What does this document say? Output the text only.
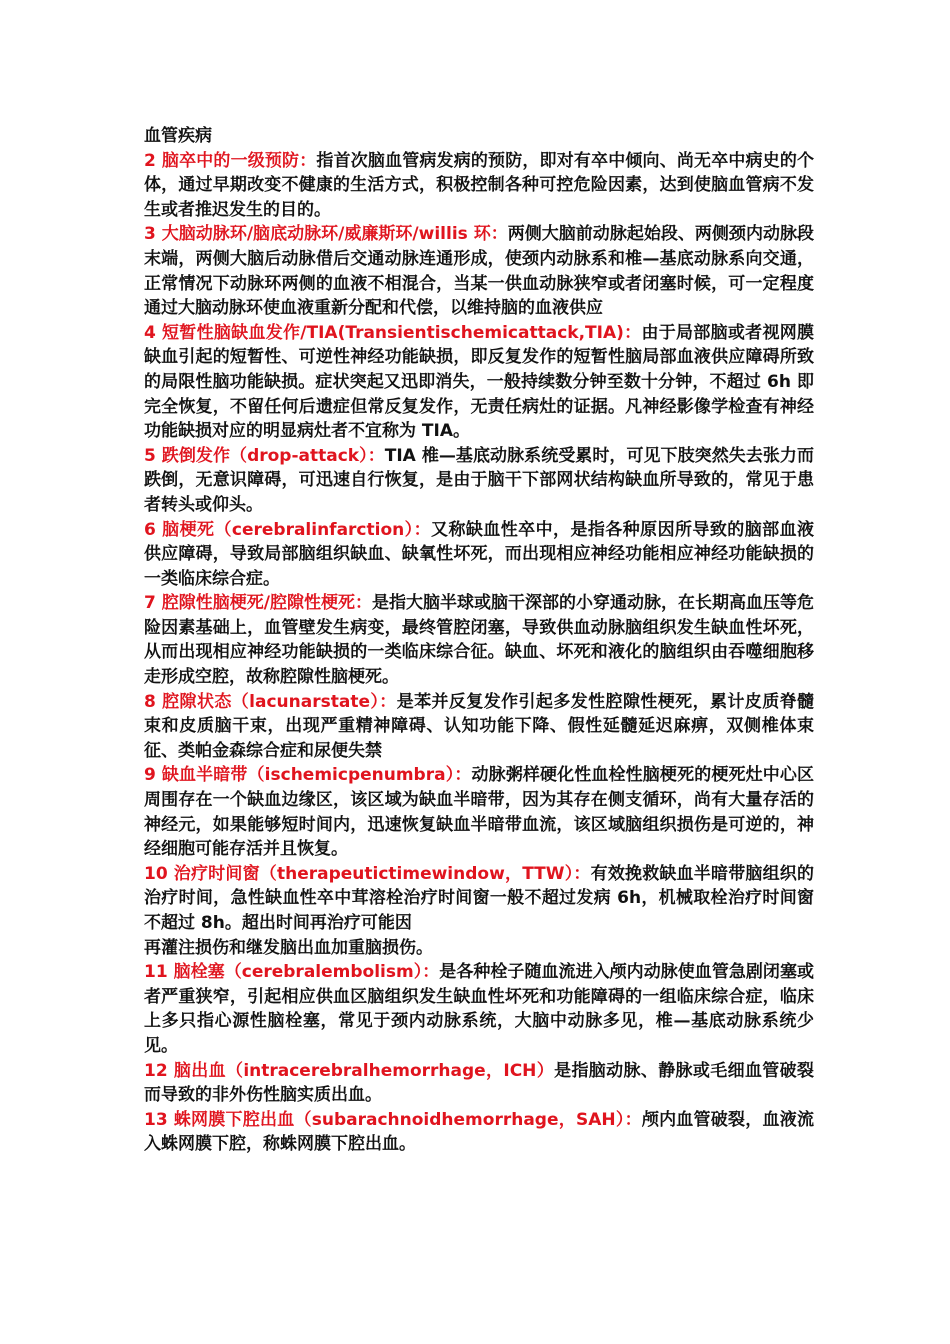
血管疾病

2 脑卒中的一级预防：指首次脑血管病发病的预防，即对有卒中倾向、尚无卒中病史的个体，通过早期改变不健康的生活方式，积极控制各种可控危险因素，达到使脑血管病不发生或者推迟发生的目的。

3 大脑动脉环/脑底动脉环/威廉斯环/willis 环：两侧大脑前动脉起始段、两侧颈内动脉段末端，两侧大脑后动脉借后交通动脉连通形成，使颈内动脉系和椎—基底动脉系向交通，正常情况下动脉环两侧的血液不相混合，当某一供血动脉狭窄或者闭塞时候，可一定程度通过大脑动脉环使血液重新分配和代偿，以维持脑的血液供应

4 短暂性脑缺血发作/TIA(Transientischemicattack,TIA)：由于局部脑或者视网膜缺血引起的短暂性、可逆性神经功能缺损，即反复发作的短暂性脑局部血液供应障碍所致的局限性脑功能缺损。症状突起又迅即消失，一般持续数分钟至数十分钟，不超过 6h 即完全恢复，不留任何后遗症但常反复发作，无责任病灶的证据。凡神经影像学检查有神经功能缺损对应的明显病灶者不宜称为 TIA。

5 跌倒发作（drop-attack）：TIA 椎—基底动脉系统受累时，可见下肢突然失去张力而跌倒，无意识障碍，可迅速自行恢复，是由于脑干下部网状结构缺血所导致的，常见于患者转头或仰头。

6 脑梗死（cerebralinfarction）：又称缺血性卒中，是指各种原因所导致的脑部血液供应障碍，导致局部脑组织缺血、缺氧性坏死，而出现相应神经功能相应神经功能缺损的一类临床综合症。

7 腔隙性脑梗死/腔隙性梗死：是指大脑半球或脑干深部的小穿通动脉，在长期高血压等危险因素基础上，血管壁发生病变，最终管腔闭塞，导致供血动脉脑组织发生缺血性坏死，从而出现相应神经功能缺损的一类临床综合征。缺血、坏死和液化的脑组织由吞噬细胞移走形成空腔，故称腔隙性脑梗死。

8 腔隙状态（lacunarstate）：是苯并反复发作引起多发性腔隙性梗死，累计皮质脊髓束和皮质脑干束，出现严重精神障碍、认知功能下降、假性延髓延迟麻痹，双侧椎体束征、类帕金森综合症和尿便失禁

9 缺血半暗带（ischemicpenumbra）：动脉粥样硬化性血栓性脑梗死的梗死灶中心区周围存在一个缺血边缘区，该区域为缺血半暗带，因为其存在侧支循环，尚有大量存活的神经元，如果能够短时间内，迅速恢复缺血半暗带血流，该区域脑组织损伤是可逆的，神经细胞可能存活并且恢复。

10 治疗时间窗（therapeutictimewindow，TTW）：有效挽救缺血半暗带脑组织的治疗时间，急性缺血性卒中茸溶栓治疗时间窗一般不超过发病 6h，机械取栓治疗时间窗不超过 8h。超出时间再治疗可能因
再灌注损伤和继发脑出血加重脑损伤。

11 脑栓塞（cerebralembolism）：是各种栓子随血流进入颅内动脉使血管急剧闭塞或者严重狭窄，引起相应供血区脑组织发生缺血性坏死和功能障碍的一组临床综合症，临床上多只指心源性脑栓塞，常见于颈内动脉系统，大脑中动脉多见，椎—基底动脉系统少见。

12 脑出血（intracerebralhemorrhage，ICH）是指脑动脉、静脉或毛细血管破裂而导致的非外伤性脑实质出血。

13 蛛网膜下腔出血（subarachnoidhemorrhage，SAH）：颅内血管破裂，血液流入蛛网膜下腔，称蛛网膜下腔出血。
